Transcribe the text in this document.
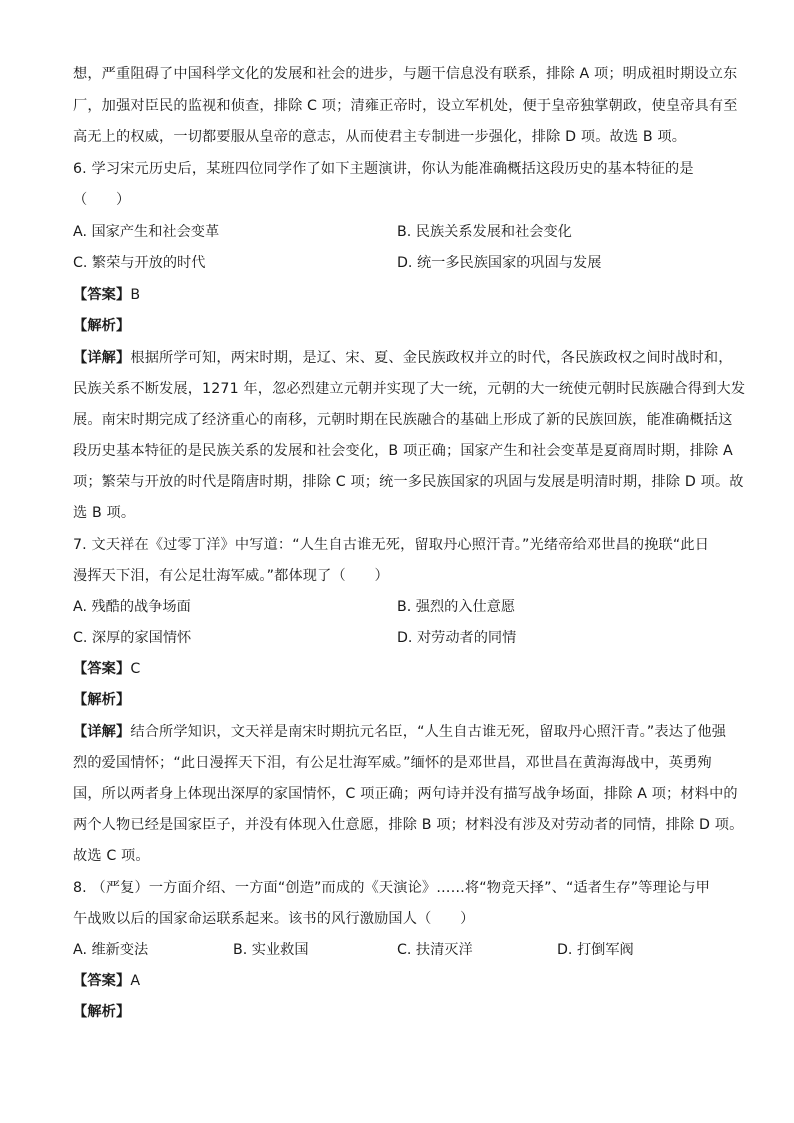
想，严重阻碍了中国科学文化的发展和社会的进步，与题干信息没有联系，排除 A 项；明成祖时期设立东
厂，加强对臣民的监视和侦查，排除 C 项；清雍正帝时，设立军机处，便于皇帝独掌朝政，使皇帝具有至
高无上的权威，一切都要服从皇帝的意志，从而使君主专制进一步强化，排除 D 项。故选 B 项。
6. 学习宋元历史后，某班四位同学作了如下主题演讲，你认为能准确概括这段历史的基本特征的是
（　　）
A. 国家产生和社会变革	B. 民族关系发展和社会变化
C. 繁荣与开放的时代	D. 统一多民族国家的巩固与发展
【答案】B
【解析】
【详解】根据所学可知，两宋时期，是辽、宋、夏、金民族政权并立的时代，各民族政权之间时战时和，
民族关系不断发展，1271 年，忽必烈建立元朝并实现了大一统，元朝的大一统使元朝时民族融合得到大发
展。南宋时期完成了经济重心的南移，元朝时期在民族融合的基础上形成了新的民族回族，能准确概括这
段历史基本特征的是民族关系的发展和社会变化，B 项正确；国家产生和社会变革是夏商周时期，排除 A
项；繁荣与开放的时代是隋唐时期，排除 C 项；统一多民族国家的巩固与发展是明清时期，排除 D 项。故
选 B 项。
7. 文天祥在《过零丁洋》中写道：“人生自古谁无死，留取丹心照汗青。”光绪帝给邓世昌的挽联“此日
漫挥天下泪，有公足壮海军威。”都体现了（　　）
A. 残酷的战争场面	B. 强烈的入仕意愿
C. 深厚的家国情怀	D. 对劳动者的同情
【答案】C
【解析】
【详解】结合所学知识，文天祥是南宋时期抗元名臣，“人生自古谁无死，留取丹心照汗青。”表达了他强
烈的爱国情怀；“此日漫挥天下泪，有公足壮海军威。”缅怀的是邓世昌，邓世昌在黄海海战中，英勇殉
国，所以两者身上体现出深厚的家国情怀，C 项正确；两句诗并没有描写战争场面，排除 A 项；材料中的
两个人物已经是国家臣子，并没有体现入仕意愿，排除 B 项；材料没有涉及对劳动者的同情，排除 D 项。
故选 C 项。
8. （严复）一方面介绍、一方面“创造”而成的《天演论》……将“物竞天择”、“适者生存”等理论与甲
午战败以后的国家命运联系起来。该书的风行激励国人（　　）
A. 维新变法	B. 实业救国	C. 扶清灭洋	D. 打倒军阀
【答案】A
【解析】
